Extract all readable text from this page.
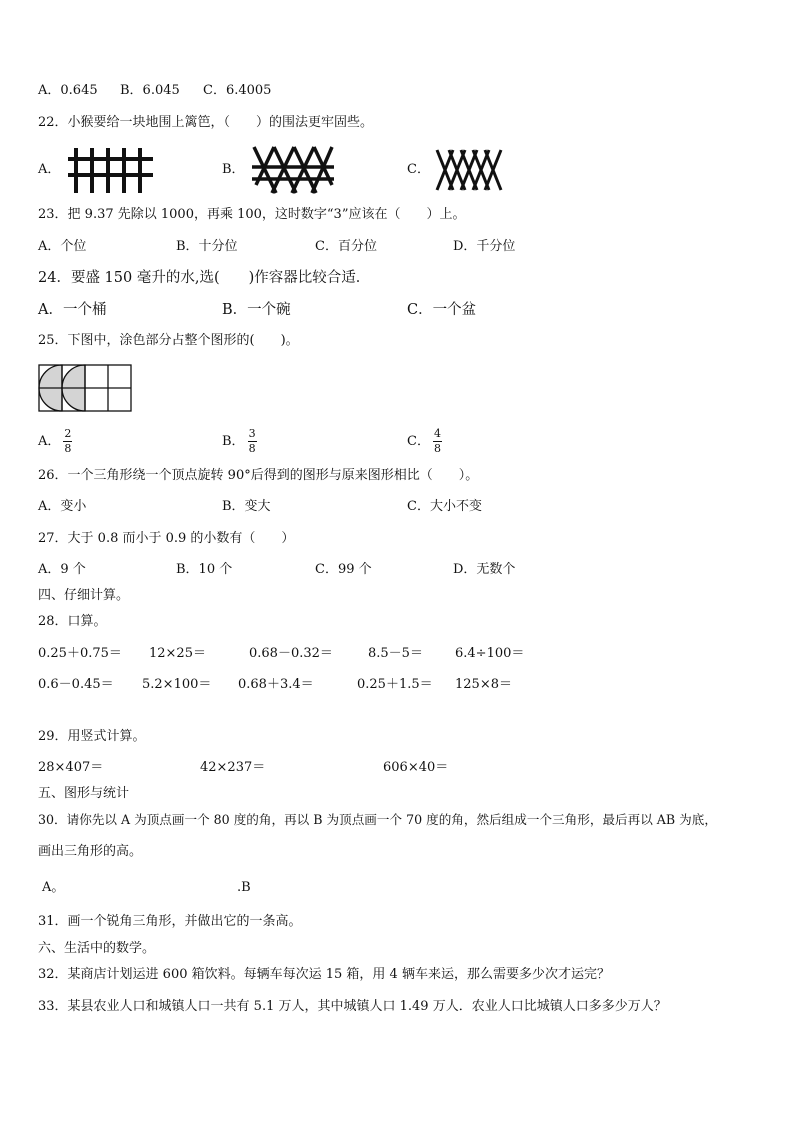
A．0.645 B．6.045 C．6.4005
22．小猴要给一块地围上篱笆，（　　）的围法更牢固些。
A．	B．	C．
23．把 9.37 先除以 1000，再乘 100，这时数字“3”应该在（　　）上。
A．个位	B．十分位	C．百分位	D．千分位
24．要盛 150 毫升的水,选(　　)作容器比较合适．
A．一个桶	B．一个碗	C．一个盆
25．下图中，涂色部分占整个图形的(　　)。
A． $\frac{2}{8}$	B． $\frac{3}{8}$	C． $\frac{4}{8}$
26．一个三角形绕一个顶点旋转 90°后得到的图形与原来图形相比（　　）。
A．变小	B．变大	C．大小不变
27．大于 0.8 而小于 0.9 的小数有（　　）
A．9 个	B．10 个	C．99 个	D．无数个
四、仔细计算。
28．口算。
0.25＋0.75＝ 12×25＝	0.68－0.32＝	8.5－5＝ 6.4÷100＝
0.6－0.45＝ 5.2×100＝ 0.68＋3.4＝	0.25＋1.5＝ 125×8＝
29．用竖式计算。
28×407＝	42×237＝	606×40＝
五、图形与统计
30．请你先以 A 为顶点画一个 80 度的角，再以 B 为顶点画一个 70 度的角，然后组成一个三角形，最后再以 AB 为底，
画出三角形的高。
A。	.B
31．画一个锐角三角形，并做出它的一条高。
六、生活中的数学。
32．某商店计划运进 600 箱饮料。每辆车每次运 15 箱，用 4 辆车来运，那么需要多少次才运完？
33．某县农业人口和城镇人口一共有 5.1 万人，其中城镇人口 1.49 万人．农业人口比城镇人口多多少万人？
